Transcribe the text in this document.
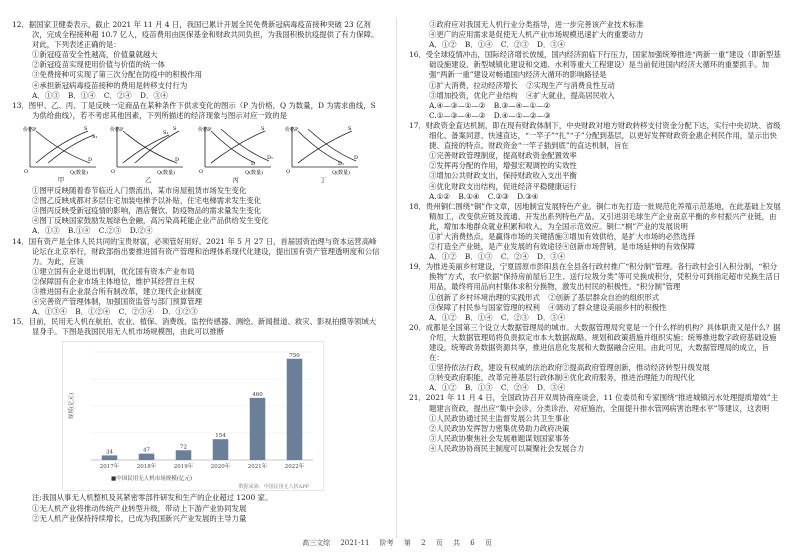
12．据国家卫健委表示，截止 2021 年 11 月 4 日，我国已累计开展全民免费新冠病毒疫苗接种突破 23 亿剂次，完成全程接种超 10.7 亿人，疫苗费用由医保基金和财政共同负担，为我国积极抗疫提供了有力保障。对此，下列表述正确的是：

①新冠疫苗安全性越高，价值量就越大
②新冠疫苗实现使用价值与价值的统一体
③免费接种可实现了第三次分配在防疫中的积极作用
④承担新冠病毒疫苗接种的费用是转移支付行为
A．①③ B．①④ C．②④ D．③④

13．图甲、乙、丙、丁是反映一定商品在某种条件下供求变化的图示（P 为价格，Q 为数量，D 为需求曲线，S 为供给曲线），若不考虑其他因素，下列所描述的经济现象与图示对应一致的是

价格P
O	Q(数量)
S
S₁
D
甲
价格P
O	Q(数量)
S
S₁
D
乙
价格P
O	Q(数量)
S
D₁
D
丙
价格P
O	Q(数量)
S
D
D₁
丁
①图甲反映随着春节临近入门票流出，某市房屋租赁市场发生变化
②图乙反映成都对多层住宅加装电梯予以补贴，住宅电梯需求发生变化
③图丙反映受新冠疫情的影响，酒店餐饮、防疫物品的需求量发生变化
④图丁反映国家鼓励发展绿色金融，高污染高耗能企业产品供给发生变化
A．①③ B.①④ C.②③ D.②④

14．国有资产是全体人民共同的宝贵财富，必须管好用好。2021 年 5 月 27 日，首届国资治理与资本运营高峰论坛在北京举行，财政部指出要推进国有资产管理和治理体系现代化建设，提出国有资产管理透明度和公信力。为此，应该

①建立国有企业退出机制，优化国有资本产业布局
②保障国有企业市场主体地位，维护其经营自主权
③推进国有企业混合所有制改革，建立现代企业制度
④完善资产管理体制，加强国资监管与部门预算管理
A．①③④ B．①②④ C．②③④ D．①②③

15．目前，民用无人机在航拍、农业、植保、消费级、监控传感器、测绘、新闻报道、救灾、影视拍摄等领域大显身手。下图是我国民用无人机市场规模图，由此可以推断

规模(亿元)
34
2017年
47
2018年
72
2019年
154
2020年
460
2021年
750
2022年
■中国民用无人机市场规模(亿元)
数据来源：中国民用无人机APP
注:我国从事无人机整机及其紧密零部件研发和生产的企业超过 1200 家。
①无人机产业将推动传统产业转型升级，带动上下游产业协同发展
②无人机产业保持持续增长，已成为我国新兴产业发展的主导力量
③政府应对我国无人机行业分类指导，进一步完善该产业技术标准
④更广的应用需求是促使无人机产业市场规模迅速扩大的重要动力
A．①② B．①④ C．②③ D．③④

16．受全球疫情冲击，国际经济增长放缓，国内经济面临下行压力，国家加强统筹推进“两新一重”建设（即新型基础设施建设、新型城镇化建设和交通、水利等重大工程建设）是当前促进国内经济大循环的重要抓手。加强“两新一重”建设对畅通国内经济大循环的影响路径是

①扩大消费，拉动经济增长 ②实现生产与消费良性互动
③增加投资，优化产业结构 ④扩大就业，提高居民收入
A.④—③—①—② B.③—④—①—②
C.①—③—④—② D.④—①—②—③

17．财政资金直达机制，即在现有财政体制下，中央财政对地方财政转移支付资金分配下达，实行中央切块、省级细化、备案同意、快速直达，“一竿子”“扎”“子”分配到基层，以更好发挥财政资金惠企利民作用，显示出快捷、直接的特点。财政资金“一竿子插到底”的直达机制，旨在

①完善财政管理制度，提高财政资金配置效率
②发挥再分配的作用，增强宏观调控的实效性
③增加公共财政支出，保持财政收入支出平衡
④优化财政支出结构，促进经济平稳健康运行
A.①② B.①④ C.②③ D.③④

18．贵州铜仁围绕“铜”作文章，因地制宜发展特色产业。铜仁市先打造一批规范化养殖示范基地，在此基础上发展精加工，改变供应链及流通、开发出系列特色产品。又引进羽毛球生产企业南京平衡的乡村振兴产业链，由此，增加本地群众就业积累和收入，为全国示范效应。铜仁“桐”产业的发展说明

①扩大消费热点，是赢得市场的关键措施③增加有效供给，是扩大市场的必然选择
②打造全产业链，是产业发展的有效途径④创新市场营销，是市场延伸的有效保障
A．①② B．①③ C．②④ D．③④

19．为推进美丽乡村建设，宁夏固原市彭阳县在全县各行政村推广“积分制”管理。各行政村会引入积分制，“积分换物”方式，农户依据“保持房前屋后卫生、送行垃圾分类”等可兑换成积分，凭积分可到指定超市兑换生活日用品，最终将用品向村集体求积分换物，激发出村民的积极性。“积分制”管理

①创新了乡村环境治理的实践形式 ②创新了基层群众自治的组织形式
③保障了村民参与国家管理的权利 ④调动了群众建设美丽乡村的积极性
A．①② B．①④ C．②③ D．③④

20．成都是全国第三个设立大数据管理局的城市。大数据管理局究竟是一个什么样的机构？具体职责又是什么？据介绍，大数据管理局将负责拟定市本大数据战略、规划和政策措施并组织实施；统筹推进数字政府基础设施建设，统筹政务数据资源共享，推进信息化发展和大数据融合应用。由此可见，大数据管理局的成立，旨在：

①坚持依法行政，建设有权威的法治政府②提高政府管理创新，推动经济转型升级发展
③转变政府职能，改革完善基层行政体制④优化政府服务，推进治理能力的现代化
A．①② B．①③ C．②④ D．③④

21．2021 年 11 月 4 日，全国政协召开双周协商座谈会，11 位委员和专家围绕“推进城镇污水处理提质增效”主题建言资政，提出应“集中会诊、分类诊治、对症施治，全面提升排水管网病害治理水平”等建议，这表明

①人民政协通过民主监督发展公共卫生事业
②人民政协发挥智力密集优势助力政府决策
③人民政协聚焦社会发展难题谋划国家事务
④人民政协协商民主制度可以凝聚社会发展合力
高三文综 2021-11 阶考 第 2 页 共 6 页
